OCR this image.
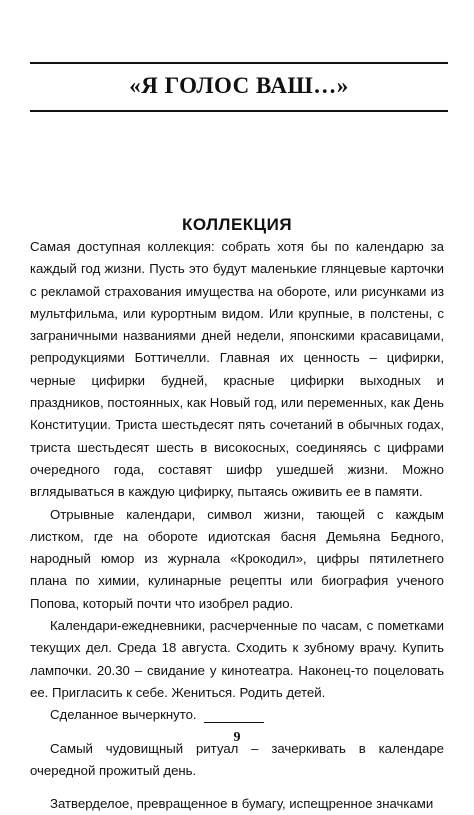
«Я ГОЛОС ВАШ…»
КОЛЛЕКЦИЯ

Самая доступная коллекция: собрать хотя бы по календарю за каждый год жизни. Пусть это будут маленькие глянцевые карточки с рекламой страхования имущества на обороте, или рисунками из мультфильма, или курортным видом. Или крупные, в полстены, с заграничными названиями дней недели, японскими красавицами, репродукциями Боттичелли. Главная их ценность – цифирки, черные цифирки будней, красные цифирки выходных и праздников, постоянных, как Новый год, или переменных, как День Конституции. Триста шестьдесят пять сочетаний в обычных годах, триста шестьдесят шесть в високосных, соединяясь с цифрами очередного года, составят шифр ушедшей жизни. Можно вглядываться в каждую цифирку, пытаясь оживить ее в памяти.

Отрывные календари, символ жизни, тающей с каждым листком, где на обороте идиотская басня Демьяна Бедного, народный юмор из журнала «Крокодил», цифры пятилетнего плана по химии, кулинарные рецепты или биография ученого Попова, который почти что изобрел радио.

Календари-ежедневники, расчерченные по часам, с пометками текущих дел. Среда 18 августа. Сходить к зубному врачу. Купить лампочки. 20.30 – свидание у кинотеатра. Наконец-то поцеловать ее. Пригласить к себе. Жениться. Родить детей.

Сделанное вычеркнуто.

Самый чудовищный ритуал – зачеркивать в календаре очередной прожитый день.

Затверделое, превращенное в бумагу, испещренное значками

9
